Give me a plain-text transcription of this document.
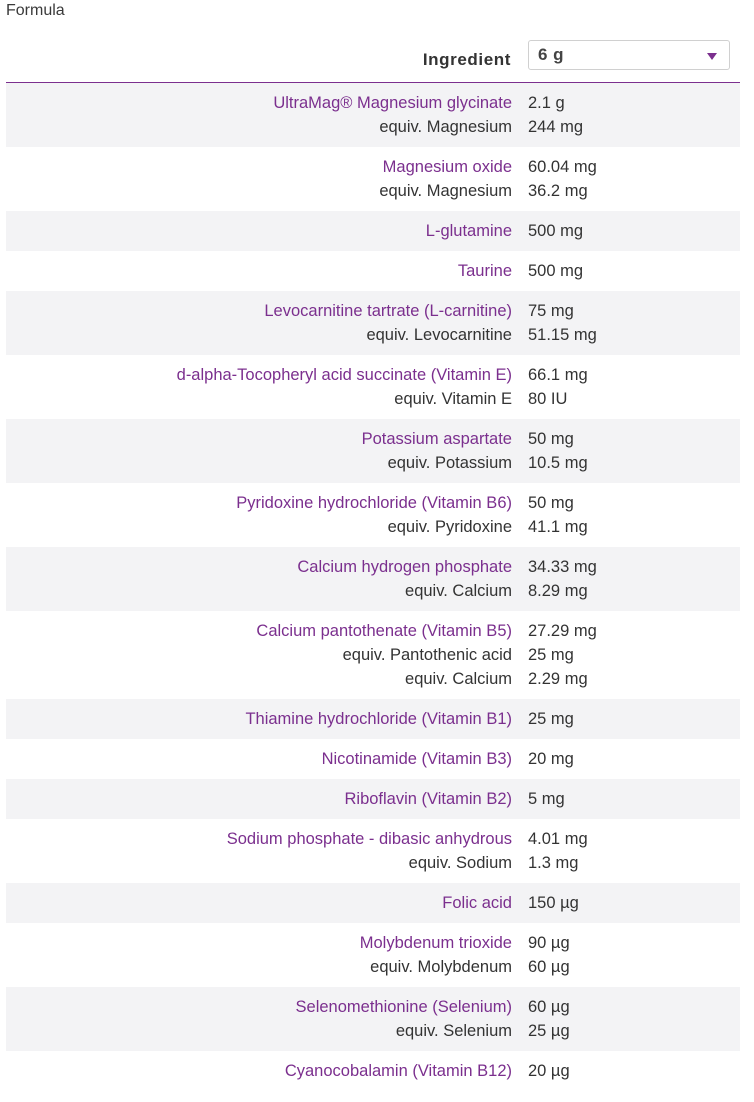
Formula
Ingredient 6 g
UltraMag® Magnesium glycinate 2.1 g
equiv. Magnesium 244 mg
Magnesium oxide 60.04 mg
equiv. Magnesium 36.2 mg
L-glutamine 500 mg
Taurine 500 mg
Levocarnitine tartrate (L-carnitine) 75 mg
equiv. Levocarnitine 51.15 mg
d-alpha-Tocopheryl acid succinate (Vitamin E) 66.1 mg
equiv. Vitamin E 80 IU
Potassium aspartate 50 mg
equiv. Potassium 10.5 mg
Pyridoxine hydrochloride (Vitamin B6) 50 mg
equiv. Pyridoxine 41.1 mg
Calcium hydrogen phosphate 34.33 mg
equiv. Calcium 8.29 mg
Calcium pantothenate (Vitamin B5) 27.29 mg
equiv. Pantothenic acid 25 mg
equiv. Calcium 2.29 mg
Thiamine hydrochloride (Vitamin B1) 25 mg
Nicotinamide (Vitamin B3) 20 mg
Riboflavin (Vitamin B2) 5 mg
Sodium phosphate - dibasic anhydrous 4.01 mg
equiv. Sodium 1.3 mg
Folic acid 150 µg
Molybdenum trioxide 90 µg
equiv. Molybdenum 60 µg
Selenomethionine (Selenium) 60 µg
equiv. Selenium 25 µg
Cyanocobalamin (Vitamin B12) 20 µg
